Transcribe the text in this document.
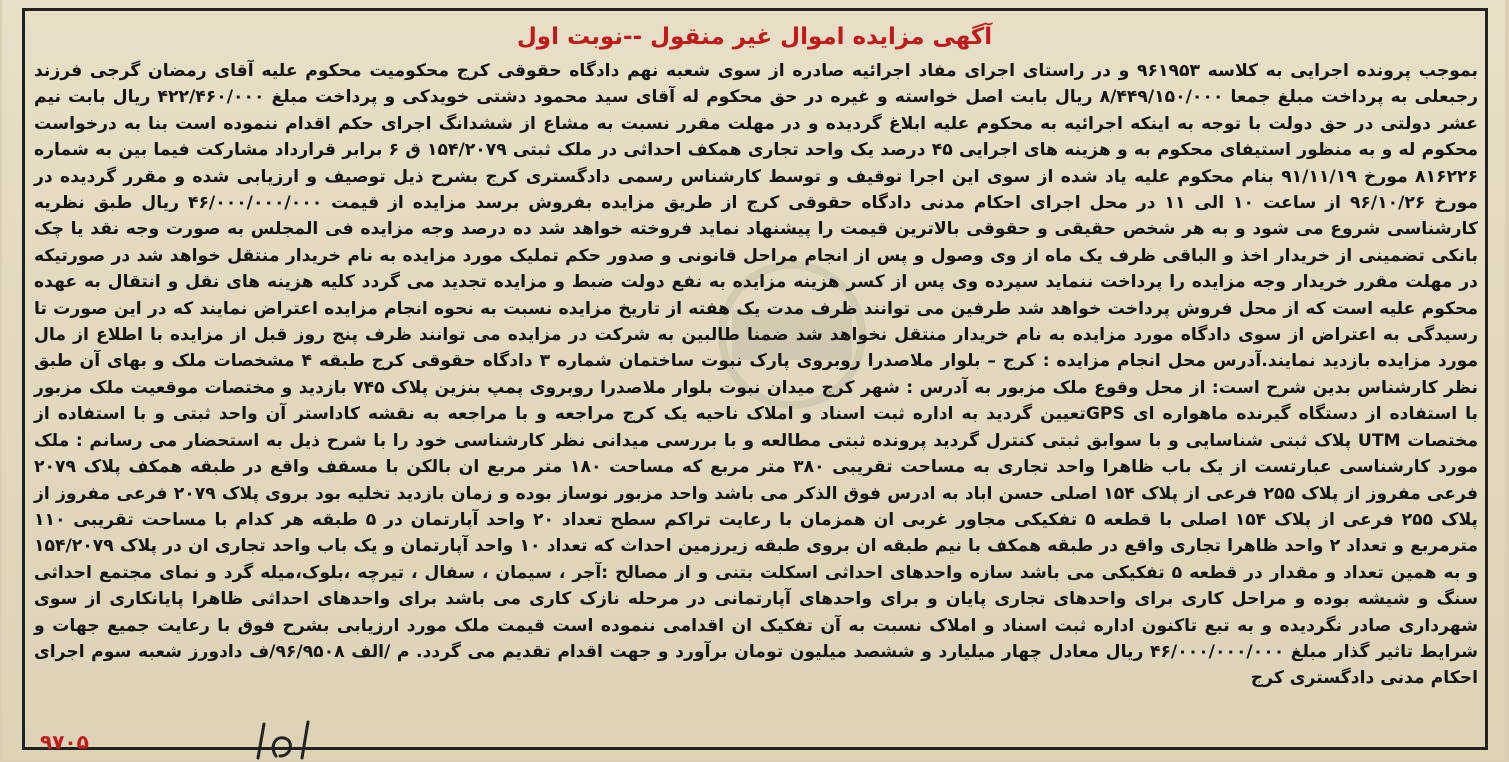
آگهی مزایده اموال غیر منقول --نوبت اول

بموجب پرونده اجرایی به کلاسه ۹۶۱۹۵۳ و در راستای اجرای مفاد اجرائیه صادره از سوی شعبه نهم دادگاه حقوقی کرج محکومیت محکوم علیه آقای رمضان گرجی فرزند رجبعلی به پرداخت مبلغ جمعا ۸/۴۴۹/۱۵۰/۰۰۰ ریال بابت اصل خواسته و غیره در حق محکوم له آقای سید محمود دشتی خویدکی و پرداخت مبلغ ۴۲۲/۴۶۰/۰۰۰ ریال بابت نیم عشر دولتی در حق دولت با توجه به اینکه اجرائیه به محکوم علیه ابلاغ گردیده و در مهلت مقرر نسبت به مشاع از ششدانگ اجرای حکم اقدام ننموده است بنا به درخواست محکوم له و به منظور استیفای محکوم به و هزینه های اجرایی ۴۵ درصد یک واحد تجاری همکف احداثی در ملک ثبتی ۱۵۴/۲۰۷۹ ق ۶ برابر قرارداد مشارکت فیما بین به شماره ۸۱۶۲۲۶ مورخ ۹۱/۱۱/۱۹ بنام محکوم علیه یاد شده از سوی این اجرا توقیف و توسط کارشناس رسمی دادگستری کرج بشرح ذیل توصیف و ارزیابی شده و مقرر گردیده در مورخ ۹۶/۱۰/۲۶ از ساعت ۱۰ الی ۱۱ در محل اجرای احکام مدنی دادگاه حقوقی کرج از طریق مزایده بفروش برسد مزایده از قیمت ۴۶/۰۰۰/۰۰۰/۰۰۰ ریال طبق نظریه کارشناسی شروع می شود و به هر شخص حقیقی و حقوقی بالاترین قیمت را پیشنهاد نماید فروخته خواهد شد ده درصد وجه مزایده فی المجلس به صورت وجه نقد یا چک بانکی تضمینی از خریدار اخذ و الباقی ظرف یک ماه از وی وصول و پس از انجام مراحل قانونی و صدور حکم تملیک مورد مزایده به نام خریدار منتقل خواهد شد در صورتیکه در مهلت مقرر خریدار وجه مزایده را پرداخت ننماید سپرده وی پس از کسر هزینه مزایده به نفع دولت ضبط و مزایده تجدید می گردد کلیه هزینه های نقل و انتقال به عهده محکوم علیه است که از محل فروش پرداخت خواهد شد طرفین می توانند ظرف مدت یک هفته از تاریخ مزایده نسبت به نحوه انجام مزایده اعتراض نمایند که در این صورت تا رسیدگی به اعتراض از سوی دادگاه مورد مزایده به نام خریدار منتقل نخواهد شد ضمنا طالبین به شرکت در مزایده می توانند ظرف پنج روز قبل از مزایده با اطلاع از مال مورد مزایده بازدید نمایند.آدرس محل انجام مزایده : کرج – بلوار ملاصدرا روبروی پارک نبوت ساختمان شماره ۳ دادگاه حقوقی کرج طبقه ۴ مشخصات ملک و بهای آن طبق نظر کارشناس بدین شرح است: از محل وقوع ملک مزبور به آدرس : شهر کرج میدان نبوت بلوار ملاصدرا روبروی پمپ بنزین پلاک ۷۴۵ بازدید و مختصات موقعیت ملک مزبور با استفاده از دستگاه گیرنده ماهواره ای GPSتعیین گردید به اداره ثبت اسناد و املاک ناحیه یک کرج مراجعه و با مراجعه به نقشه کاداستر آن واحد ثبتی و با استفاده از مختصات UTM پلاک ثبتی شناسایی و با سوابق ثبتی کنترل گردید پرونده ثبتی مطالعه و با بررسی میدانی نظر کارشناسی خود را با شرح ذیل به استحضار می رسانم : ملک مورد کارشناسی عبارتست از یک باب ظاهرا واحد تجاری به مساحت تقریبی ۳۸۰ متر مربع که مساحت ۱۸۰ متر مربع ان بالکن با مسقف واقع در طبقه همکف پلاک ۲۰۷۹ فرعی مفروز از پلاک ۲۵۵ فرعی از پلاک ۱۵۴ اصلی حسن اباد به ادرس فوق الذکر می باشد واحد مزبور نوساز بوده و زمان بازدید تخلیه بود بروی پلاک ۲۰۷۹ فرعی مفروز از پلاک ۲۵۵ فرعی از پلاک ۱۵۴ اصلی با قطعه ۵ تفکیکی مجاور غربی ان همزمان با رعایت تراکم سطح تعداد ۲۰ واحد آپارتمان در ۵ طبقه هر کدام با مساحت تقریبی ۱۱۰ مترمربع و تعداد ۲ واحد ظاهرا تجاری واقع در طبقه همکف با نیم طبقه ان بروی طبقه زیرزمین احداث که تعداد ۱۰ واحد آپارتمان و یک باب واحد تجاری ان در پلاک ۱۵۴/۲۰۷۹ و به همین تعداد و مقدار در قطعه ۵ تفکیکی می باشد سازه واحدهای احداثی اسکلت بتنی و از مصالح :آجر ، سیمان ، سفال ، تیرچه ،بلوک،میله گرد و نمای مجتمع احداثی سنگ و شیشه بوده و مراحل کاری برای واحدهای تجاری پایان و برای واحدهای آپارتمانی در مرحله نازک کاری می باشد برای واحدهای احداثی ظاهرا پایانکاری از سوی شهرداری صادر نگردیده و به تبع تاکنون اداره ثبت اسناد و املاک نسبت به آن تفکیک ان اقدامی ننموده است قیمت ملک مورد ارزیابی بشرح فوق با رعایت جمیع جهات و شرایط تاثیر گذار مبلغ ۴۶/۰۰۰/۰۰۰/۰۰۰ ریال معادل چهار میلیارد و ششصد میلیون تومان برآورد و جهت اقدام تقدیم می گردد. م /الف ۹۶/۹۵۰۸/ف دادورز شعبه سوم اجرای احکام مدنی دادگستری کرج

۹۷۰۵
